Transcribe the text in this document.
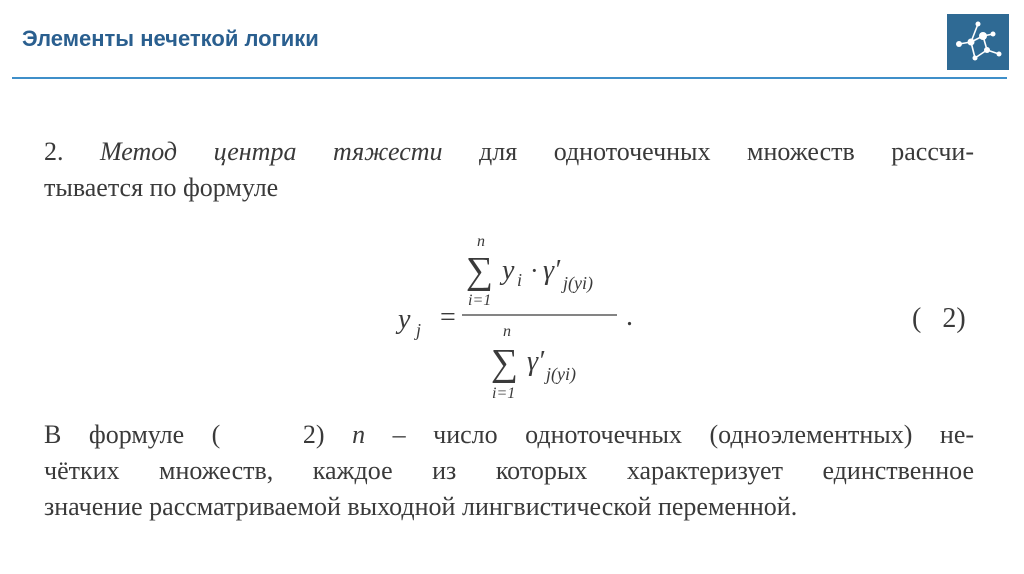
Элементы нечеткой логики
2. Метод центра тяжести для одноточечных множеств рассчи-
тывается по формуле
y j =
n
∑
i=1
y i · γ′ j(yi)
.
n
∑
i=1
γ′ j(yi)
(   2)
В формуле (   2) n – число одноточечных (одноэлементных) не-
чётких множеств, каждое из которых характеризует единственное
значение рассматриваемой выходной лингвистической переменной.
